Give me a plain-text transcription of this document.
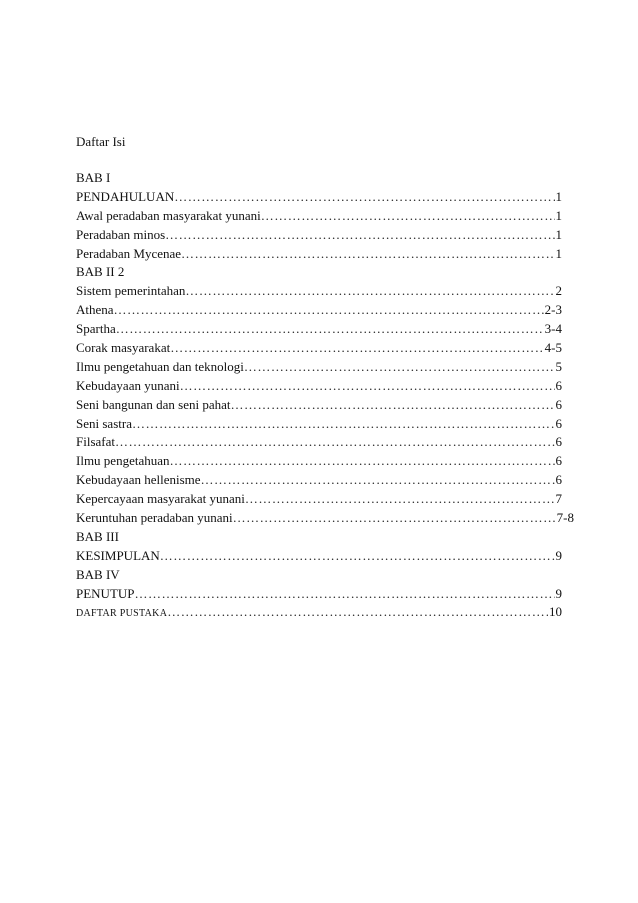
Daftar Isi
BAB I
PENDAHULUAN …………………………………………………………………………………………………………………………………………………………………………………………………………	1
Awal peradaban masyarakat yunani …………………………………………………………………………………………………………………………………………………………………………………………………………	1
Peradaban minos …………………………………………………………………………………………………………………………………………………………………………………………………………	1
Peradaban Mycenae …………………………………………………………………………………………………………………………………………………………………………………………………………	1
BAB II 2
Sistem pemerintahan …………………………………………………………………………………………………………………………………………………………………………………………………………	2
Athena …………………………………………………………………………………………………………………………………………………………………………………………………………	2-3
Spartha …………………………………………………………………………………………………………………………………………………………………………………………………………	3-4
Corak masyarakat …………………………………………………………………………………………………………………………………………………………………………………………………………	4-5
Ilmu pengetahuan dan teknologi …………………………………………………………………………………………………………………………………………………………………………………………………………	5
Kebudayaan yunani …………………………………………………………………………………………………………………………………………………………………………………………………………	6
Seni bangunan dan seni pahat …………………………………………………………………………………………………………………………………………………………………………………………………………	6
Seni sastra …………………………………………………………………………………………………………………………………………………………………………………………………………	6
Filsafat …………………………………………………………………………………………………………………………………………………………………………………………………………	6
Ilmu pengetahuan …………………………………………………………………………………………………………………………………………………………………………………………………………	6
Kebudayaan hellenisme …………………………………………………………………………………………………………………………………………………………………………………………………………	6
Kepercayaan masyarakat yunani …………………………………………………………………………………………………………………………………………………………………………………………………………	7
Keruntuhan peradaban yunani …………………………………………………………………………………………………………………………………………………………………………………………………………	7-8
BAB III
KESIMPULAN …………………………………………………………………………………………………………………………………………………………………………………………………………	9
BAB IV
PENUTUP …………………………………………………………………………………………………………………………………………………………………………………………………………	9
DAFTAR PUSTAKA …………………………………………………………………………………………………………………………………………………………………………………………………………	10
